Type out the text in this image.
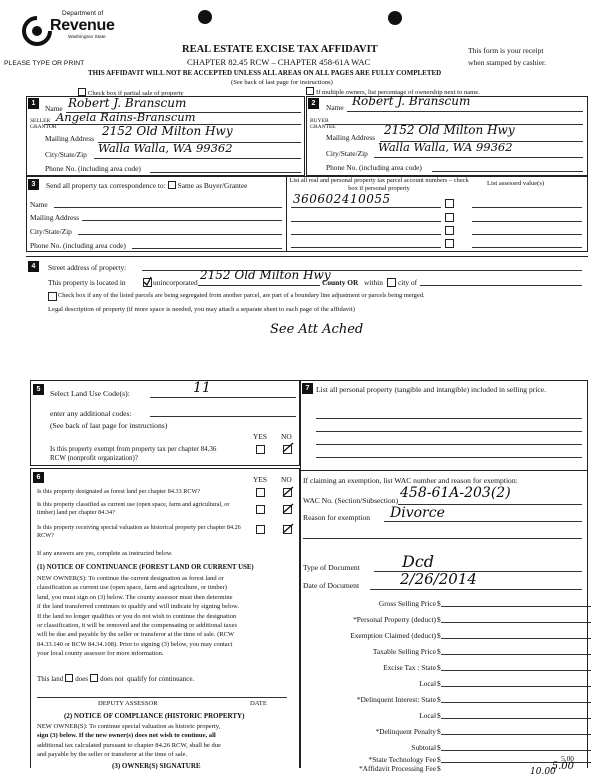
Department of
Revenue
Washington State
PLEASE TYPE OR PRINT
REAL ESTATE EXCISE TAX AFFIDAVIT
CHAPTER 82.45 RCW – CHAPTER 458-61A WAC
This form is your receipt
when stamped by cashier.
THIS AFFIDAVIT WILL NOT BE ACCEPTED UNLESS ALL AREAS ON ALL PAGES ARE FULLY COMPLETED
(See back of last page for instructions)
Check box if partial sale of property	If multiple owners, list percentage of ownership next to name.
1
SELLER GRANTOR
Name Robert J. Branscum
Angela Rains-Branscum
Mailing Address
2152 Old Milton Hwy
City/State/Zip Walla Walla, WA 99362
Phone No. (including area code)
2
BUYER GRANTEE
Name Robert J. Branscum
Mailing Address
2152 Old Milton Hwy
City/State/Zip Walla Walla, WA 99362
Phone No. (including area code)
3	Send all property tax correspondence to: Same as Buyer/Grantee
Name
Mailing Address
City/State/Zip
Phone No. (including area code)
List all real and personal property tax parcel account numbers – check box if personal property
List assessed value(s)
360602410055
4	Street address of property:
This property is located in	unincorporated
2152 Old Milton Hwy
County OR within city of
Check box if any of the listed parcels are being segregated from another parcel, are part of a boundary line adjustment or parcels being merged.
Legal description of property (if more space is needed, you may attach a separate sheet to each page of the affidavit)
See Att Ached
5	Select Land Use Code(s):	11
enter any additional codes:
(See back of last page for instructions)
YES NO
Is this property exempt from property tax per chapter 84.36 RCW (nonprofit organization)?
6	YES NO
Is this property designated as forest land per chapter 84.33 RCW?
Is this property classified as current use (open space, farm and agricultural, or timber) land per chapter 84.34?
Is this property receiving special valuation as historical property per chapter 84.26 RCW?
If any answers are yes, complete as instructed below.
(1) NOTICE OF CONTINUANCE (FOREST LAND OR CURRENT USE)
NEW OWNER(S): To continue the current designation as forest land or
classification as current use (open space, farm and agriculture, or timber)
land, you must sign on (3) below. The county assessor must then determine
if the land transferred continues to qualify and will indicate by signing below.
If the land no longer qualifies or you do not wish to continue the designation
or classification, it will be removed and the compensating or additional taxes
will be due and payable by the seller or transferor at the time of sale. (RCW
84.33.140 or RCW 84.34.108). Prior to signing (3) below, you may contact
your local county assessor for more information.
This land does does not qualify for continuance.
DEPUTY ASSESSOR	DATE
(2) NOTICE OF COMPLIANCE (HISTORIC PROPERTY)
NEW OWNER(S): To continue special valuation as historic property,
sign (3) below. If the new owner(s) does not wish to continue, all
additional tax calculated pursuant to chapter 84.26 RCW, shall be due
and payable by the seller or transferor at the time of sale.
(3) OWNER(S) SIGNATURE
7 List all personal property (tangible and intangible) included in selling price.
If claiming an exemption, list WAC number and reason for exemption:
WAC No. (Section/Subsection) 458-61A-203(2)
Reason for exemption Divorce
Type of Document	Dcd
Date of Document	2/26/2014
Gross Selling Price $
*Personal Property (deduct) $
Exemption Claimed (deduct) $
Taxable Selling Price $
Excise Tax : State $
Local $
*Delinquent Interest: State $
Local $
*Delinquent Penalty $
Subtotal $
*State Technology Fee $	5.00
*Affidavit Processing Fee $	5.00
10.00
